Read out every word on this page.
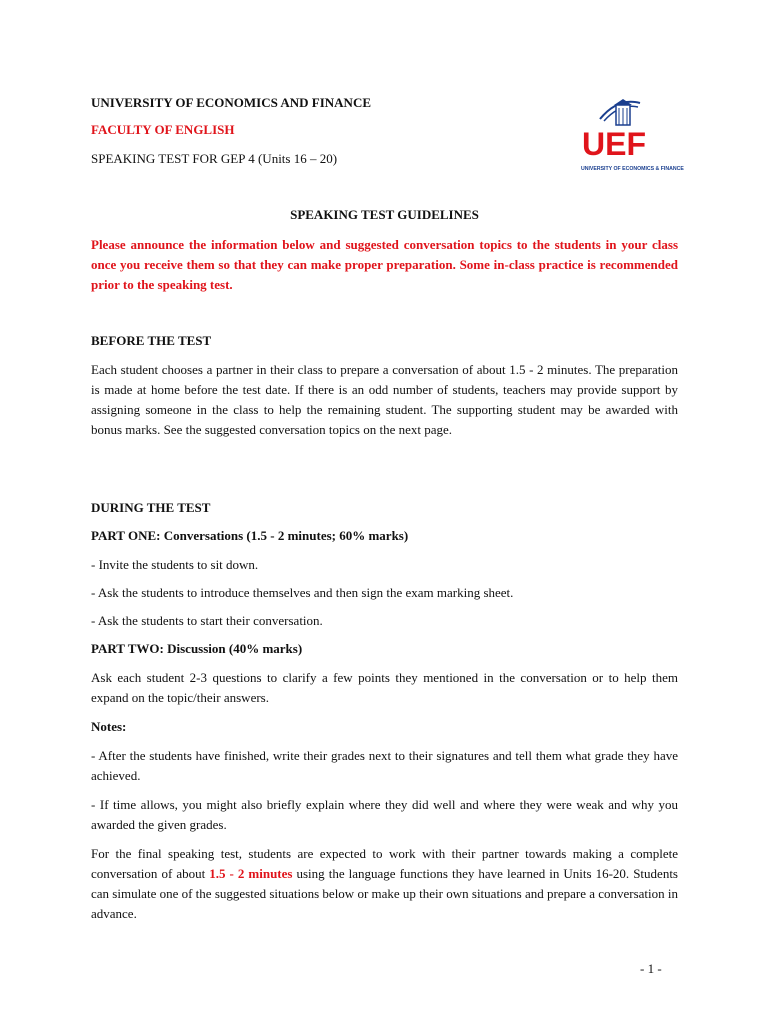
UNIVERSITY OF ECONOMICS AND FINANCE
FACULTY OF ENGLISH
SPEAKING TEST FOR GEP 4 (Units 16 – 20)	UEF
UNIVERSITY OF ECONOMICS & FINANCE
SPEAKING TEST GUIDELINES
Please announce the information below and suggested conversation topics to the students in your class once you receive them so that they can make proper preparation. Some in-class practice is recommended prior to the speaking test.
BEFORE THE TEST
Each student chooses a partner in their class to prepare a conversation of about 1.5 - 2 minutes. The preparation is made at home before the test date. If there is an odd number of students, teachers may provide support by assigning someone in the class to help the remaining student. The supporting student may be awarded with bonus marks. See the suggested conversation topics on the next page.
DURING THE TEST
PART ONE: Conversations (1.5 - 2 minutes; 60% marks)
- Invite the students to sit down.
- Ask the students to introduce themselves and then sign the exam marking sheet.
- Ask the students to start their conversation.
PART TWO: Discussion (40% marks)
Ask each student 2-3 questions to clarify a few points they mentioned in the conversation or to help them expand on the topic/their answers.
Notes:
- After the students have finished, write their grades next to their signatures and tell them what grade they have achieved.
- If time allows, you might also briefly explain where they did well and where they were weak and why you awarded the given grades.
For the final speaking test, students are expected to work with their partner towards making a complete conversation of about 1.5 - 2 minutes using the language functions they have learned in Units 16-20. Students can simulate one of the suggested situations below or make up their own situations and prepare a conversation in advance.
- 1 -
